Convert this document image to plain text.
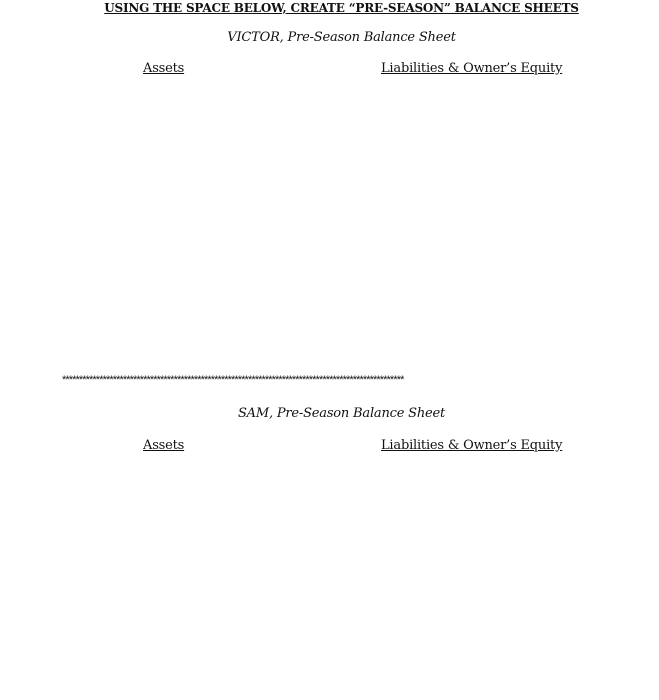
USING THE SPACE BELOW, CREATE “PRE-SEASON” BALANCE SHEETS
VICTOR, Pre-Season Balance Sheet
Assets	Liabilities & Owner’s Equity
*****************************************************************************************************
SAM, Pre-Season Balance Sheet
Assets	Liabilities & Owner’s Equity
